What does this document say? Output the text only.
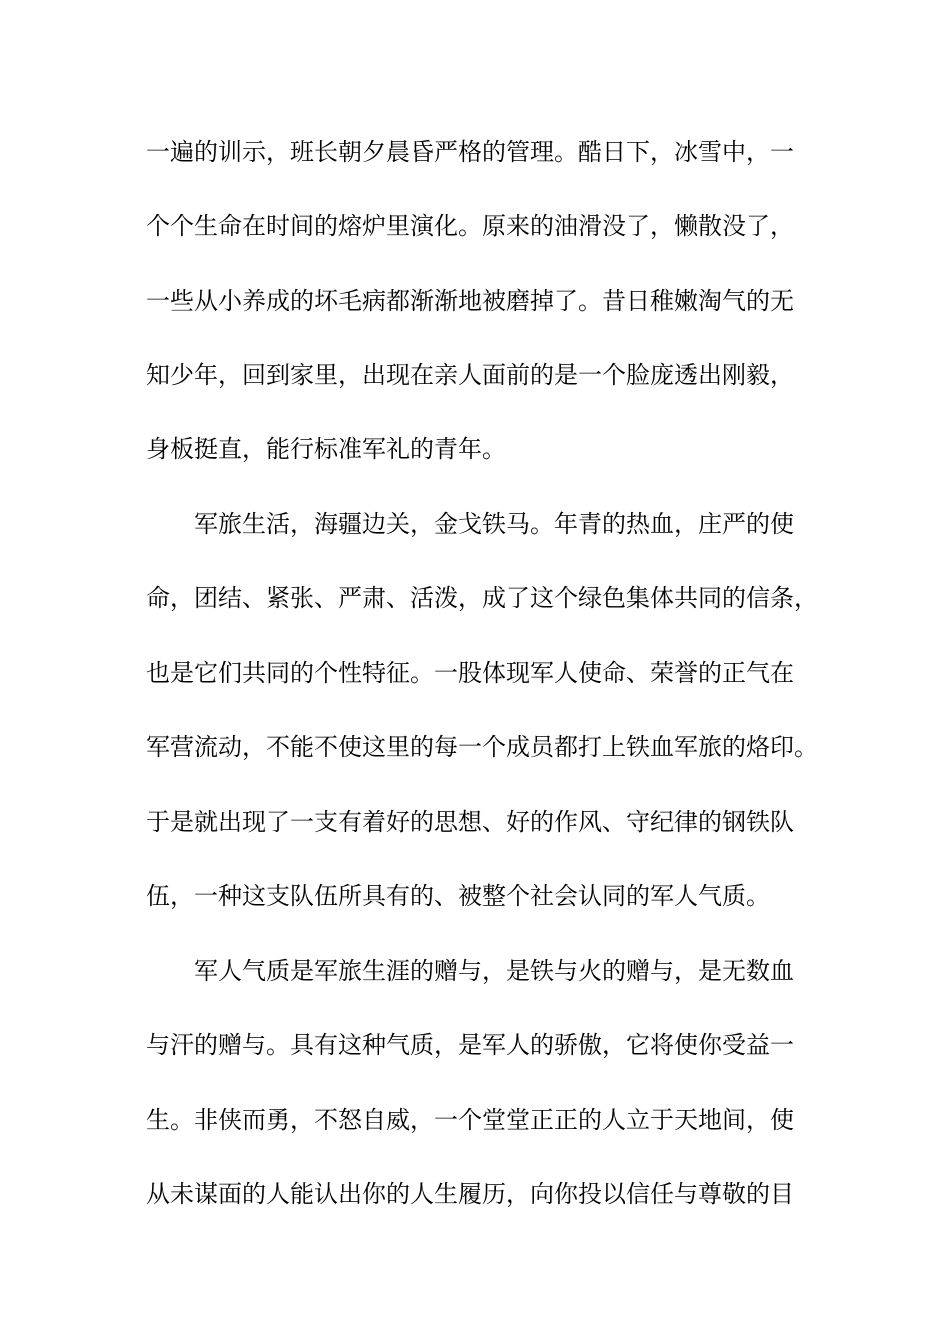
一遍的训示，班长朝夕晨昏严格的管理。酷日下，冰雪中，一
个个生命在时间的熔炉里演化。原来的油滑没了，懒散没了，
一些从小养成的坏毛病都渐渐地被磨掉了。昔日稚嫩淘气的无
知少年，回到家里，出现在亲人面前的是一个脸庞透出刚毅，
身板挺直，能行标准军礼的青年。
　　军旅生活，海疆边关，金戈铁马。年青的热血，庄严的使
命，团结、紧张、严肃、活泼，成了这个绿色集体共同的信条，
也是它们共同的个性特征。一股体现军人使命、荣誉的正气在
军营流动，不能不使这里的每一个成员都打上铁血军旅的烙印。
于是就出现了一支有着好的思想、好的作风、守纪律的钢铁队
伍，一种这支队伍所具有的、被整个社会认同的军人气质。
　　军人气质是军旅生涯的赠与，是铁与火的赠与，是无数血
与汗的赠与。具有这种气质，是军人的骄傲，它将使你受益一
生。非侠而勇，不怒自威，一个堂堂正正的人立于天地间，使
从未谋面的人能认出你的人生履历，向你投以信任与尊敬的目
